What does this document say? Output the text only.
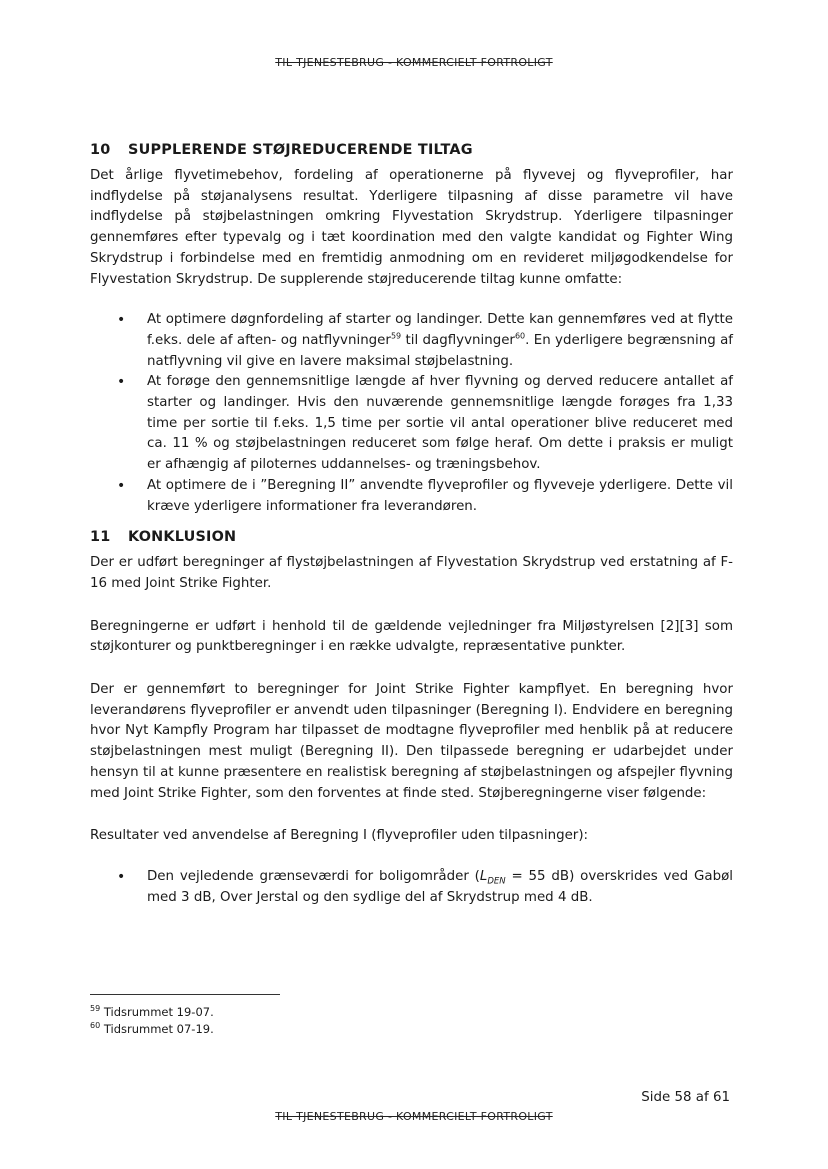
TIL TJENESTEBRUG - KOMMERCIELT FORTROLIGT
10 SUPPLERENDE STØJREDUCERENDE TILTAG

Det årlige flyvetimebehov, fordeling af operationerne på flyvevej og flyveprofiler, har indflydelse på støjanalysens resultat. Yderligere tilpasning af disse parametre vil have indflydelse på støjbelastningen omkring Flyvestation Skrydstrup. Yderligere tilpasninger gennemføres efter typevalg og i tæt koordination med den valgte kandidat og Fighter Wing Skrydstrup i forbindelse med en fremtidig anmodning om en revideret miljøgodkendelse for Flyvestation Skrydstrup. De supplerende støjreducerende tiltag kunne omfatte:

• At optimere døgnfordeling af starter og landinger. Dette kan gennemføres ved at flytte f.eks. dele af aften- og natflyvninger$^{59}$ til dagflyvninger$^{60}$. En yderligere begrænsning af natflyvning vil give en lavere maksimal støjbelastning.
• At forøge den gennemsnitlige længde af hver flyvning og derved reducere antallet af starter og landinger. Hvis den nuværende gennemsnitlige længde forøges fra 1,33 time per sortie til f.eks. 1,5 time per sortie vil antal operationer blive reduceret med ca. 11 % og støjbelastningen reduceret som følge heraf. Om dette i praksis er muligt er afhængig af piloternes uddannelses- og træningsbehov.
• At optimere de i ”Beregning II” anvendte flyveprofiler og flyveveje yderligere. Dette vil kræve yderligere informationer fra leverandøren.
11 KONKLUSION

Der er udført beregninger af flystøjbelastningen af Flyvestation Skrydstrup ved erstatning af F-16 med Joint Strike Fighter.

Beregningerne er udført i henhold til de gældende vejledninger fra Miljøstyrelsen [2][3] som støjkonturer og punktberegninger i en række udvalgte, repræsentative punkter.

Der er gennemført to beregninger for Joint Strike Fighter kampflyet. En beregning hvor leverandørens flyveprofiler er anvendt uden tilpasninger (Beregning I). Endvidere en beregning hvor Nyt Kampfly Program har tilpasset de modtagne flyveprofiler med henblik på at reducere støjbelastningen mest muligt (Beregning II). Den tilpassede beregning er udarbejdet under hensyn til at kunne præsentere en realistisk beregning af støjbelastningen og afspejler flyvning med Joint Strike Fighter, som den forventes at finde sted. Støjberegningerne viser følgende:

Resultater ved anvendelse af Beregning I (flyveprofiler uden tilpasninger):

• Den vejledende grænseværdi for boligområder ($L_{DEN} = 55$ dB) overskrides ved Gabøl med 3 dB, Over Jerstal og den sydlige del af Skrydstrup med 4 dB.
$^{59}$ Tidsrummet 19-07.
$^{60}$ Tidsrummet 07-19.
Side 58 af 61
TIL TJENESTEBRUG - KOMMERCIELT FORTROLIGT
